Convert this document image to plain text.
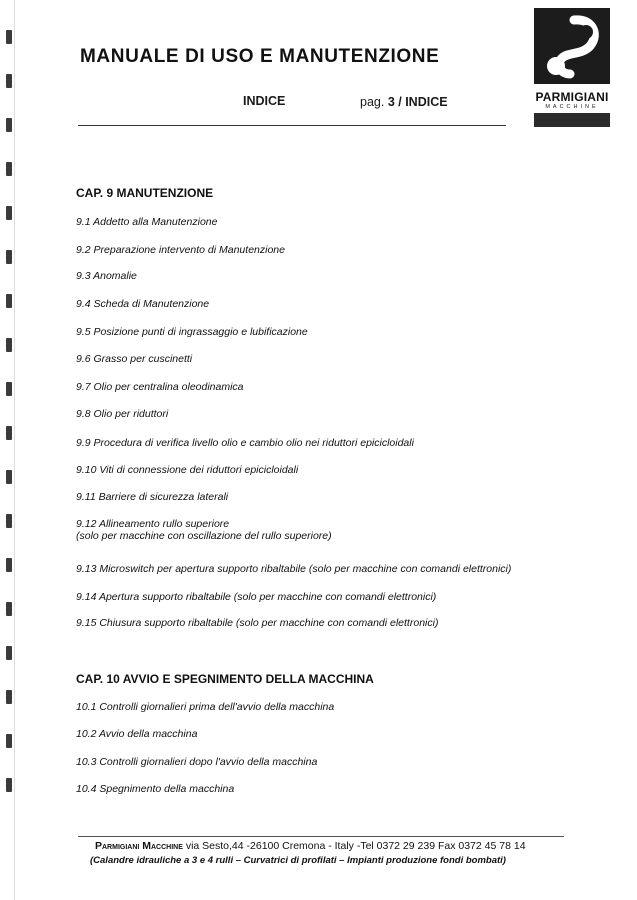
MANUALE DI USO E MANUTENZIONE
INDICE	pag. 3 / INDICE	PARMIGIANI
MACCHINE
CAP. 9 MANUTENZIONE
9.1 Addetto alla Manutenzione
9.2 Preparazione intervento di Manutenzione
9.3 Anomalie
9.4 Scheda di Manutenzione
9.5 Posizione punti di ingrassaggio e lubificazione
9.6 Grasso per cuscinetti
9.7 Olio per centralina oleodinamica
9.8 Olio per riduttori
9.9 Procedura di verifica livello olio e cambio olio nei riduttori epicicloidali
9.10 Viti di connessione dei riduttori epicicloidali
9.11 Barriere di sicurezza laterali
9.12 Allineamento rullo superiore
(solo per macchine con oscillazione del rullo superiore)
9.13 Microswitch per apertura supporto ribaltabile (solo per macchine con comandi elettronici)
9.14 Apertura supporto ribaltabile (solo per macchine con comandi elettronici)
9.15 Chiusura supporto ribaltabile (solo per macchine con comandi elettronici)
CAP. 10 AVVIO E SPEGNIMENTO DELLA MACCHINA
10.1 Controlli giornalieri prima dell'avvio della macchina
10.2 Avvio della macchina
10.3 Controlli giornalieri dopo l'avvio della macchina
10.4 Spegnimento della macchina
Parmigiani Macchine via Sesto,44 -26100 Cremona - Italy -Tel 0372 29 239 Fax 0372 45 78 14
(Calandre idrauliche a 3 e 4 rulli – Curvatrici di profilati – Impianti produzione fondi bombati)
